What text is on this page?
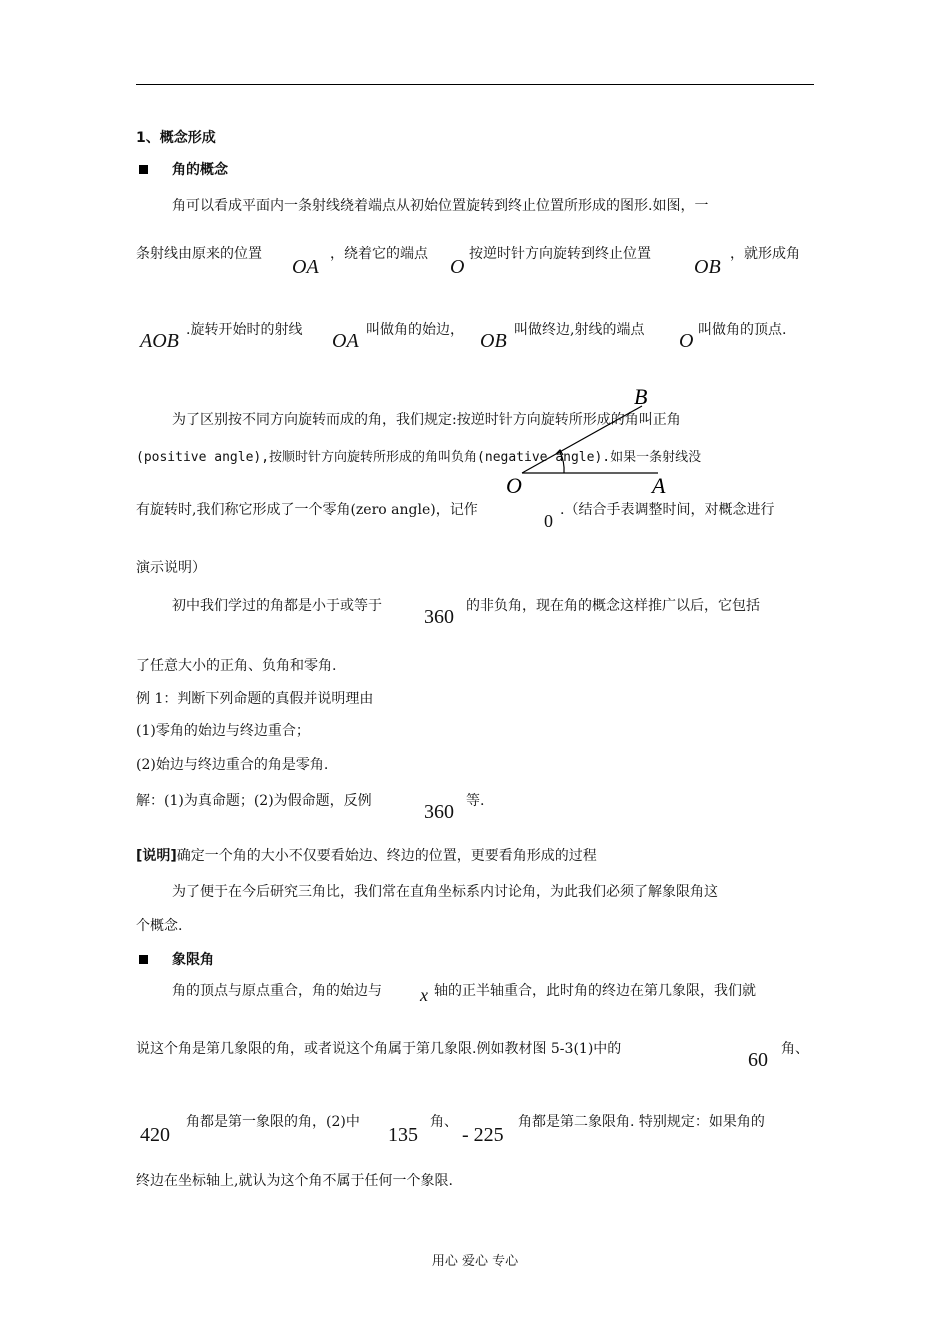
1、概念形成
角的概念
角可以看成平面内一条射线绕着端点从初始位置旋转到终止位置所形成的图形.如图，一
条射线由原来的位置
OA
，绕着它的端点
O
按逆时针方向旋转到终止位置
OB
，就形成角
AOB .旋转开始时的射线 OA 叫做角的始边， OB 叫做终边,射线的端点 O 叫做角的顶点.
为了区别按不同方向旋转而成的角，我们规定:按逆时针方向旋转所形成的角叫正角
(positive angle),按顺时针方向旋转所形成的角叫负角(negative angle).如果一条射线没
有旋转时,我们称它形成了一个零角(zero angle)，记作
0
.（结合手表调整时间，对概念进行
演示说明）
B
O	A
初中我们学过的角都是小于或等于 360 的非负角，现在角的概念这样推广以后，它包括
了任意大小的正角、负角和零角.
例 1：判断下列命题的真假并说明理由
(1)零角的始边与终边重合；
(2)始边与终边重合的角是零角.
解：(1)为真命题；(2)为假命题，反例	360 等.
[说明]确定一个角的大小不仅要看始边、终边的位置，更要看角形成的过程
为了便于在今后研究三角比，我们常在直角坐标系内讨论角，为此我们必须了解象限角这
个概念.
象限角
角的顶点与原点重合，角的始边与 x 轴的正半轴重合，此时角的终边在第几象限，我们就
说这个角是第几象限的角，或者说这个角属于第几象限.例如教材图 5-3(1)中的	60 角、
420
角都是第一象限的角，(2)中
135
角、
- 225
角都是第二象限角. 特别规定：如果角的
终边在坐标轴上,就认为这个角不属于任何一个象限.
用心 爱心 专心
